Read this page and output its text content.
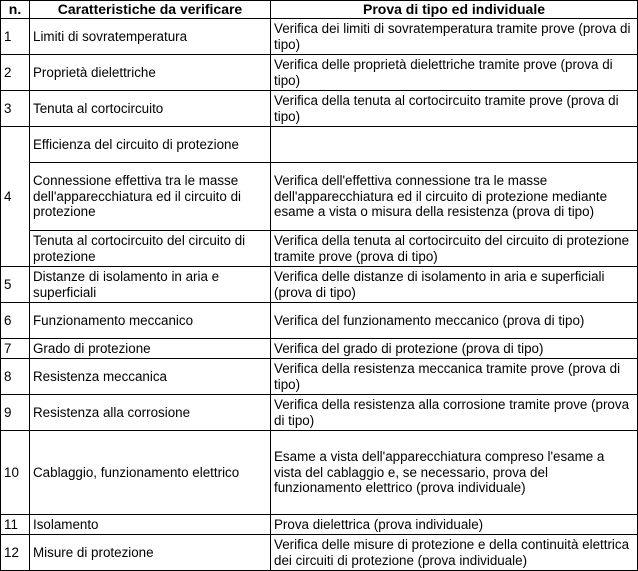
n.	Caratteristiche da verificare	Prova di tipo ed individuale
1	Limiti di sovratemperatura	Verifica dei limiti di sovratemperatura tramite prove (prova di tipo)
2	Proprietà dielettriche	Verifica delle proprietà dielettriche tramite prove (prova di tipo)
3	Tenuta al cortocircuito	Verifica della tenuta al cortocircuito tramite prove (prova di tipo)
4	Efficienza del circuito di protezione	
	Connessione effettiva tra le masse dell'apparecchiatura ed il circuito di protezione	Verifica dell'effettiva connessione tra le masse dell'apparecchiatura ed il circuito di protezione mediante esame a vista o misura della resistenza (prova di tipo)
	Tenuta al cortocircuito del circuito di protezione	Verifica della tenuta al cortocircuito del circuito di protezione tramite prove (prova di tipo)
5	Distanze di isolamento in aria e superficiali	Verifica delle distanze di isolamento in aria e superficiali (prova di tipo)
6	Funzionamento meccanico	Verifica del funzionamento meccanico (prova di tipo)
7	Grado di protezione	Verifica del grado di protezione (prova di tipo)
8	Resistenza meccanica	Verifica della resistenza meccanica tramite prove (prova di tipo)
9	Resistenza alla corrosione	Verifica della resistenza alla corrosione tramite prove (prova di tipo)
10	Cablaggio, funzionamento elettrico	Esame a vista dell'apparecchiatura compreso l'esame a vista del cablaggio e, se necessario, prova del funzionamento elettrico (prova individuale)
11	Isolamento	Prova dielettrica (prova individuale)
12	Misure di protezione	Verifica delle misure di protezione e della continuità elettrica dei circuiti di protezione (prova individuale)
